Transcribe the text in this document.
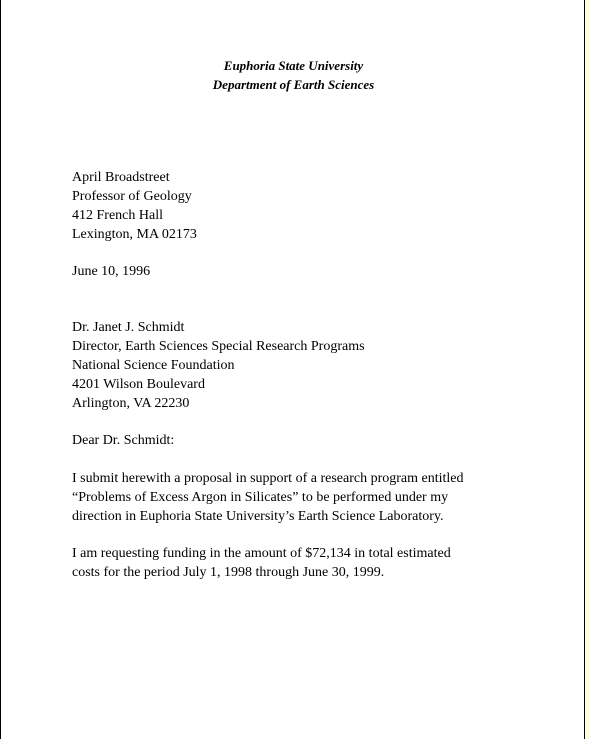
Euphoria State University
Department of Earth Sciences
April Broadstreet
Professor of Geology
412 French Hall
Lexington, MA 02173
June 10, 1996
Dr. Janet J. Schmidt
Director, Earth Sciences Special Research Programs
National Science Foundation
4201 Wilson Boulevard
Arlington, VA 22230
Dear Dr. Schmidt:
I submit herewith a proposal in support of a research program entitled
“Problems of Excess Argon in Silicates” to be performed under my
direction in Euphoria State University’s Earth Science Laboratory.
I am requesting funding in the amount of $72,134 in total estimated
costs for the period July 1, 1998 through June 30, 1999.
